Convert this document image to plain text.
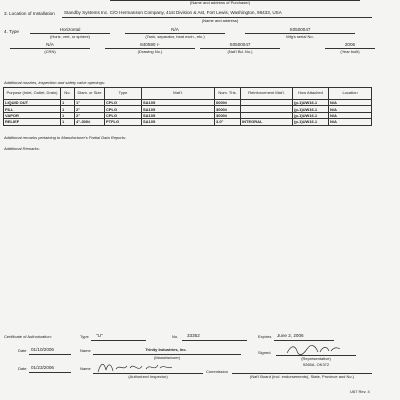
(Name and address of Purchaser)
3. Location of Installation Standby Systems Inc. C/O Hermanson Company, 41st Division & Ast, Fort Lewis, Washington, 98433, USA
(Name and address)
4. Type	Horizontal
(Horiz, vert, or sphere)
N/A
(Tank, separator, heat exch., etc.)
S0500047
Mfg's serial No.
N/A
(CRN)
840590 r-
(Drawing No.)
S0500047
(Nat'l Bd. No.)
2006
(Year built)
Additional nozzles, inspection and safety valve openings:
Purpose (Inlet, Outlet, Drain)	No.	Diam. or Size	Type	Mat'l.	Nom. Thk.	Reinforcement Mat'l.	How Attached	Location
LIQUID OUT	1	1"	CPLG	SA105	6000#		(p-1)UW16.1	N/A
FILL	1	2"	CPLG	SA105	3000#		(p-1)UW16.1	N/A
VAPOR	1	2"	CPLG	SA105	3000#		(p-1)UW16.1	N/A
RELIEF	1	4"-300#	PTFLG	SA105	3.0"	INTEGRAL	(p-1)UW16.1	N/A
Additional remarks pertaining to Manufacturer's Partial Data Reports:
Additional Remarks:
Certificate of Authorization:	Type "U"	No. 33352	Expires June 2, 2006
Date 01/10/2006	Name	Trinity Industries, Inc.
(Manufacturer)
Signed
(Representative)
9265A, OK372
Date 01/23/2006	Name
(Authorized Inspector)
Commission
(Nat'l Board (incl. endorsements), State, Province and No.)
U67 Rev. 4
